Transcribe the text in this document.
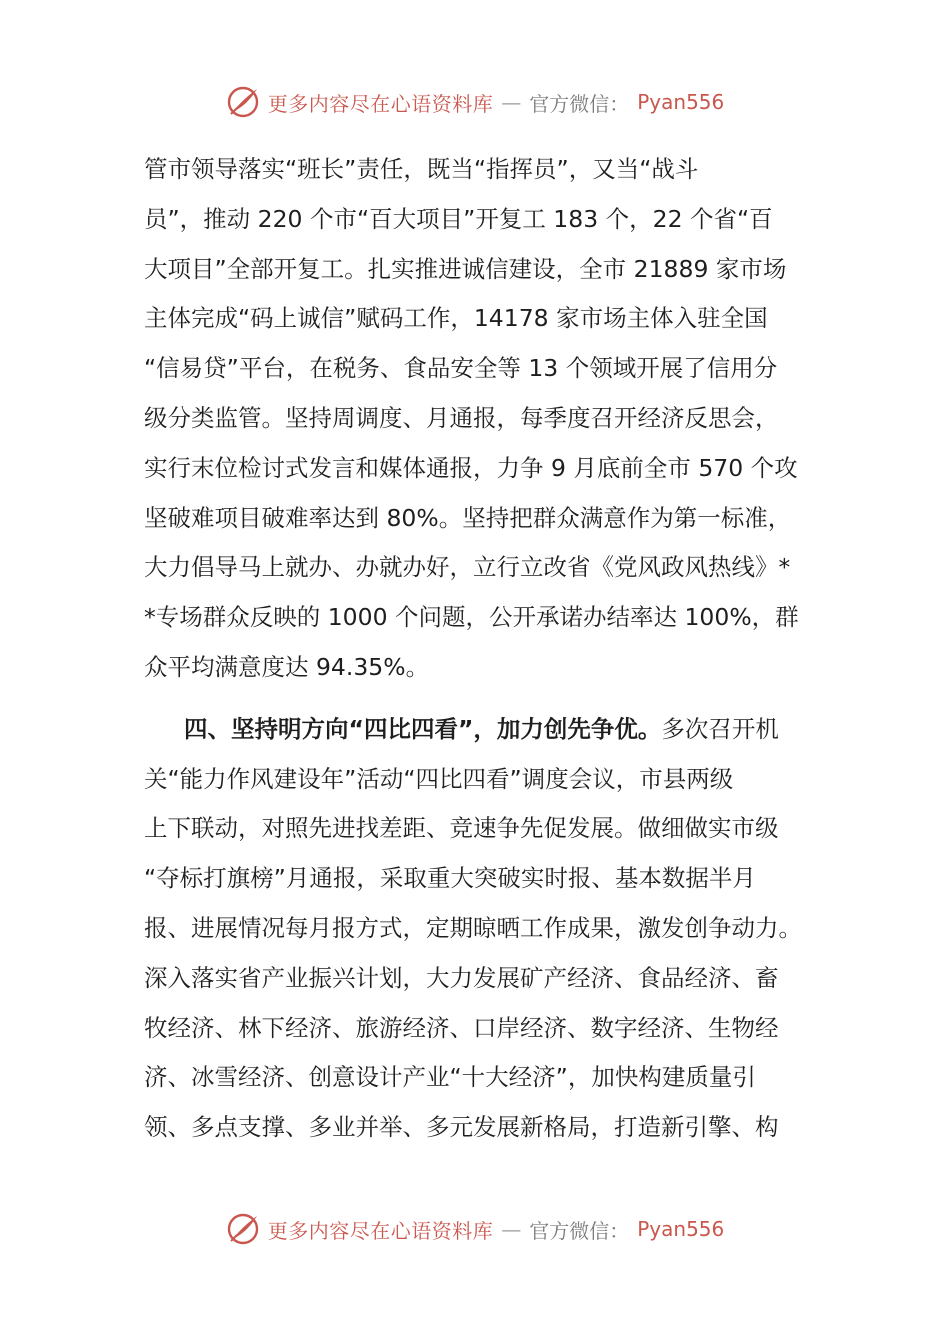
更多内容尽在心语资料库 — 官方微信： Pyan556
管市领导落实“班长”责任，既当“指挥员”，又当“战斗
员”，推动 220 个市“百大项目”开复工 183 个，22 个省“百
大项目”全部开复工。扎实推进诚信建设，全市 21889 家市场
主体完成“码上诚信”赋码工作，14178 家市场主体入驻全国
“信易贷”平台，在税务、食品安全等 13 个领域开展了信用分
级分类监管。坚持周调度、月通报，每季度召开经济反思会，
实行末位检讨式发言和媒体通报，力争 9 月底前全市 570 个攻
坚破难项目破难率达到 80%。坚持把群众满意作为第一标准，
大力倡导马上就办、办就办好，立行立改省《党风政风热线》*
*专场群众反映的 1000 个问题，公开承诺办结率达 100%，群
众平均满意度达 94.35%。
四、坚持明方向“四比四看”，加力创先争优。多次召开机
关“能力作风建设年”活动“四比四看”调度会议，市县两级
上下联动，对照先进找差距、竞速争先促发展。做细做实市级
“夺标打旗榜”月通报，采取重大突破实时报、基本数据半月
报、进展情况每月报方式，定期晾晒工作成果，激发创争动力。
深入落实省产业振兴计划，大力发展矿产经济、食品经济、畜
牧经济、林下经济、旅游经济、口岸经济、数字经济、生物经
济、冰雪经济、创意设计产业“十大经济”，加快构建质量引
领、多点支撑、多业并举、多元发展新格局，打造新引擎、构
更多内容尽在心语资料库 — 官方微信： Pyan556
